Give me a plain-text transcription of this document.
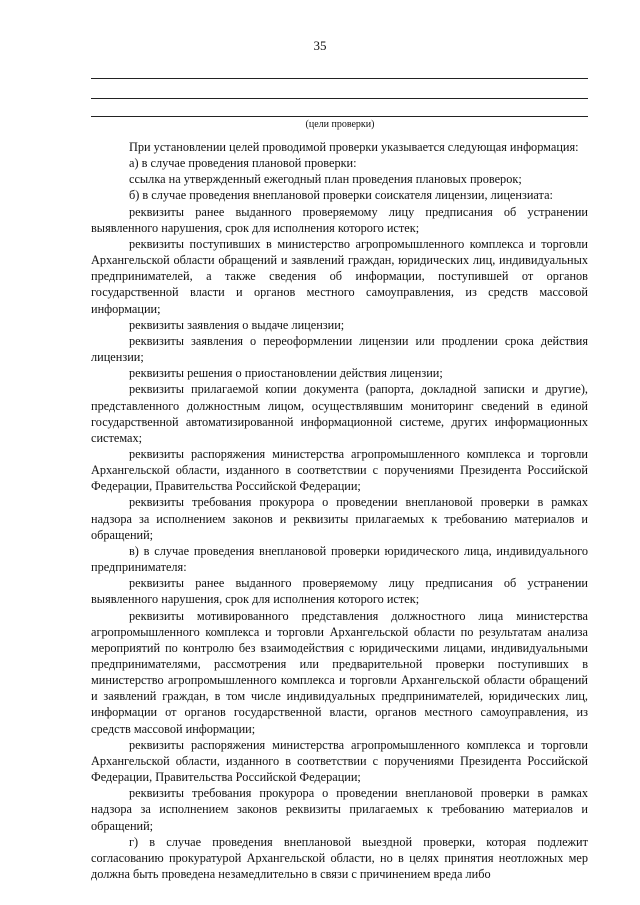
35
(цели проверки)

При установлении целей проводимой проверки указывается следующая информация:

а) в случае проведения плановой проверки:

ссылка на утвержденный ежегодный план проведения плановых проверок;

б) в случае проведения внеплановой проверки соискателя лицензии, лицензиата:

реквизиты ранее выданного проверяемому лицу предписания об устранении выявленного нарушения, срок для исполнения которого истек;

реквизиты поступивших в министерство агропромышленного комплекса и торговли Архангельской области обращений и заявлений граждан, юридических лиц, индивидуальных предпринимателей, а также сведения об информации, поступившей от органов государственной власти и органов местного самоуправления, из средств массовой информации;

реквизиты заявления о выдаче лицензии;

реквизиты заявления о переоформлении лицензии или продлении срока действия лицензии;

реквизиты решения о приостановлении действия лицензии;

реквизиты прилагаемой копии документа (рапорта, докладной записки и другие), представленного должностным лицом, осуществлявшим мониторинг сведений в единой государственной автоматизированной информационной системе, других информационных системах;

реквизиты распоряжения министерства агропромышленного комплекса и торговли Архангельской области, изданного в соответствии с поручениями Президента Российской Федерации, Правительства Российской Федерации;

реквизиты требования прокурора о проведении внеплановой проверки в рамках надзора за исполнением законов и реквизиты прилагаемых к требованию материалов и обращений;

в) в случае проведения внеплановой проверки юридического лица, индивидуального предпринимателя:

реквизиты ранее выданного проверяемому лицу предписания об устранении выявленного нарушения, срок для исполнения которого истек;

реквизиты мотивированного представления должностного лица министерства агропромышленного комплекса и торговли Архангельской области по результатам анализа мероприятий по контролю без взаимодействия с юридическими лицами, индивидуальными предпринимателями, рассмотрения или предварительной проверки поступивших в министерство агропромышленного комплекса и торговли Архангельской области обращений и заявлений граждан, в том числе индивидуальных предпринимателей, юридических лиц, информации от органов государственной власти, органов местного самоуправления, из средств массовой информации;

реквизиты распоряжения министерства агропромышленного комплекса и торговли Архангельской области, изданного в соответствии с поручениями Президента Российской Федерации, Правительства Российской Федерации;

реквизиты требования прокурора о проведении внеплановой проверки в рамках надзора за исполнением законов реквизиты прилагаемых к требованию материалов и обращений;

г) в случае проведения внеплановой выездной проверки, которая подлежит согласованию прокуратурой Архангельской области, но в целях принятия неотложных мер должна быть проведена незамедлительно в связи с причинением вреда либо
